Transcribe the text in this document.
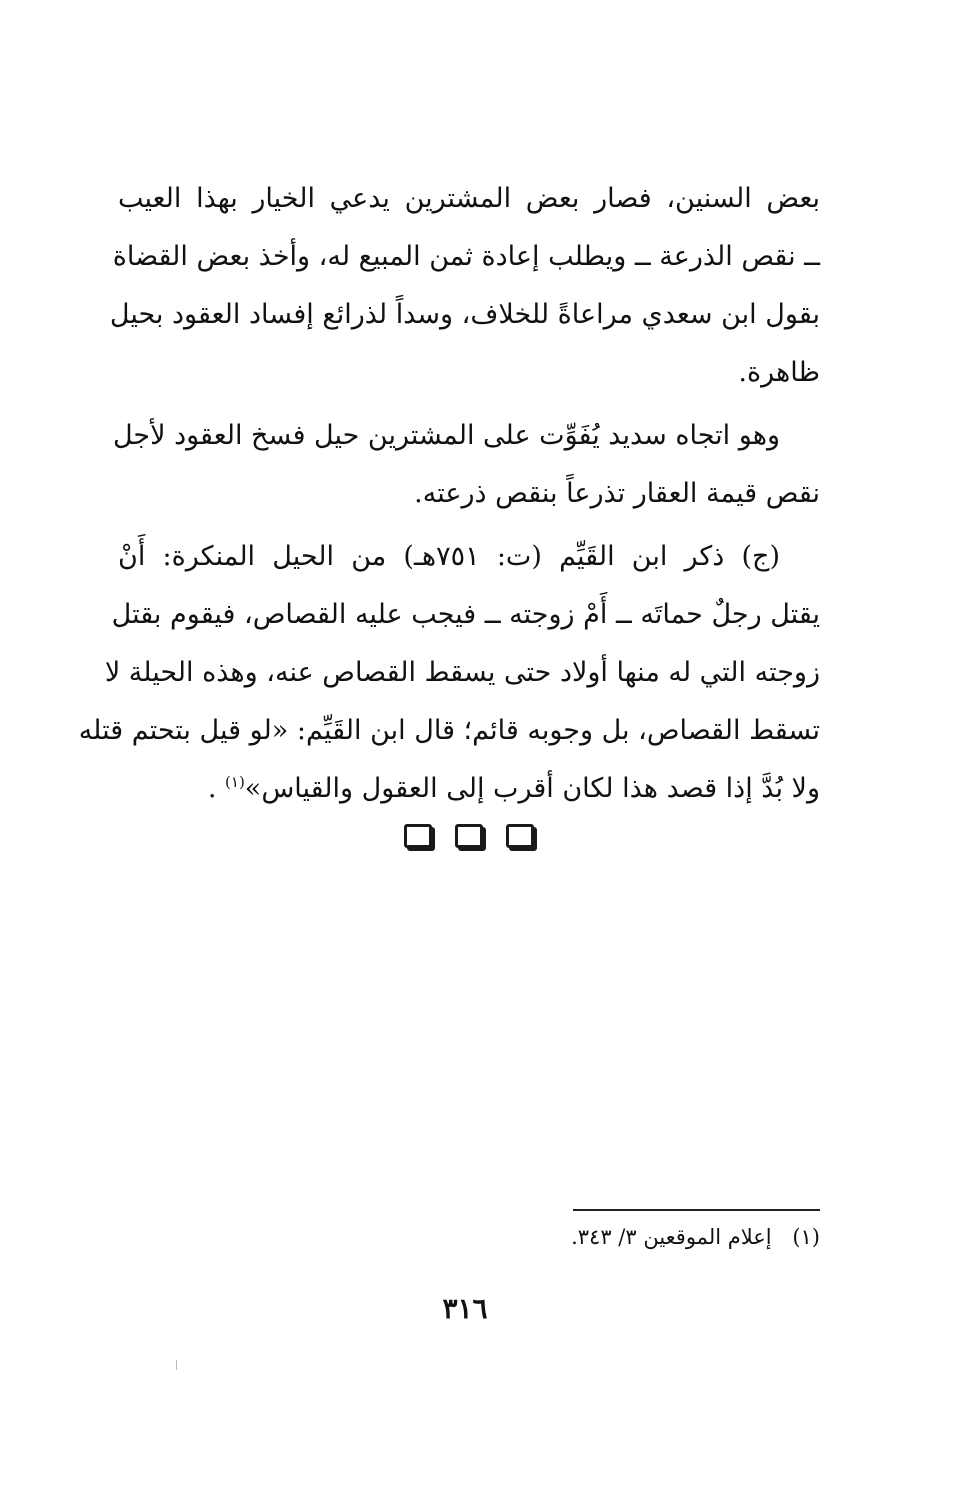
بعض السنين، فصار بعض المشترين يدعي الخيار بهذا العيب
ــ نقص الذرعة ــ ويطلب إعادة ثمن المبيع له، وأخذ بعض القضاة
بقول ابن سعدي مراعاةً للخلاف، وسداً لذرائع إفساد العقود بحيل
ظاهرة.

وهو اتجاه سديد يُفَوِّت على المشترين حيل فسخ العقود لأجل
نقص قيمة العقار تذرعاً بنقص ذرعته.

(ج) ذكر ابن القَيِّم (ت: ٧٥١هـ) من الحيل المنكرة: أَنْ
يقتل رجلٌ حماتَه ــ أَمْ زوجته ــ فيجب عليه القصاص، فيقوم بقتل
زوجته التي له منها أولاد حتى يسقط القصاص عنه، وهذه الحيلة لا
تسقط القصاص، بل وجوبه قائم؛ قال ابن القَيِّم: «لو قيل بتحتم قتله
ولا بُدَّ إذا قصد هذا لكان أقرب إلى العقول والقياس»$^{(١)}$ .

(١) إعلام الموقعين ٣/ ٣٤٣.
٣١٦
